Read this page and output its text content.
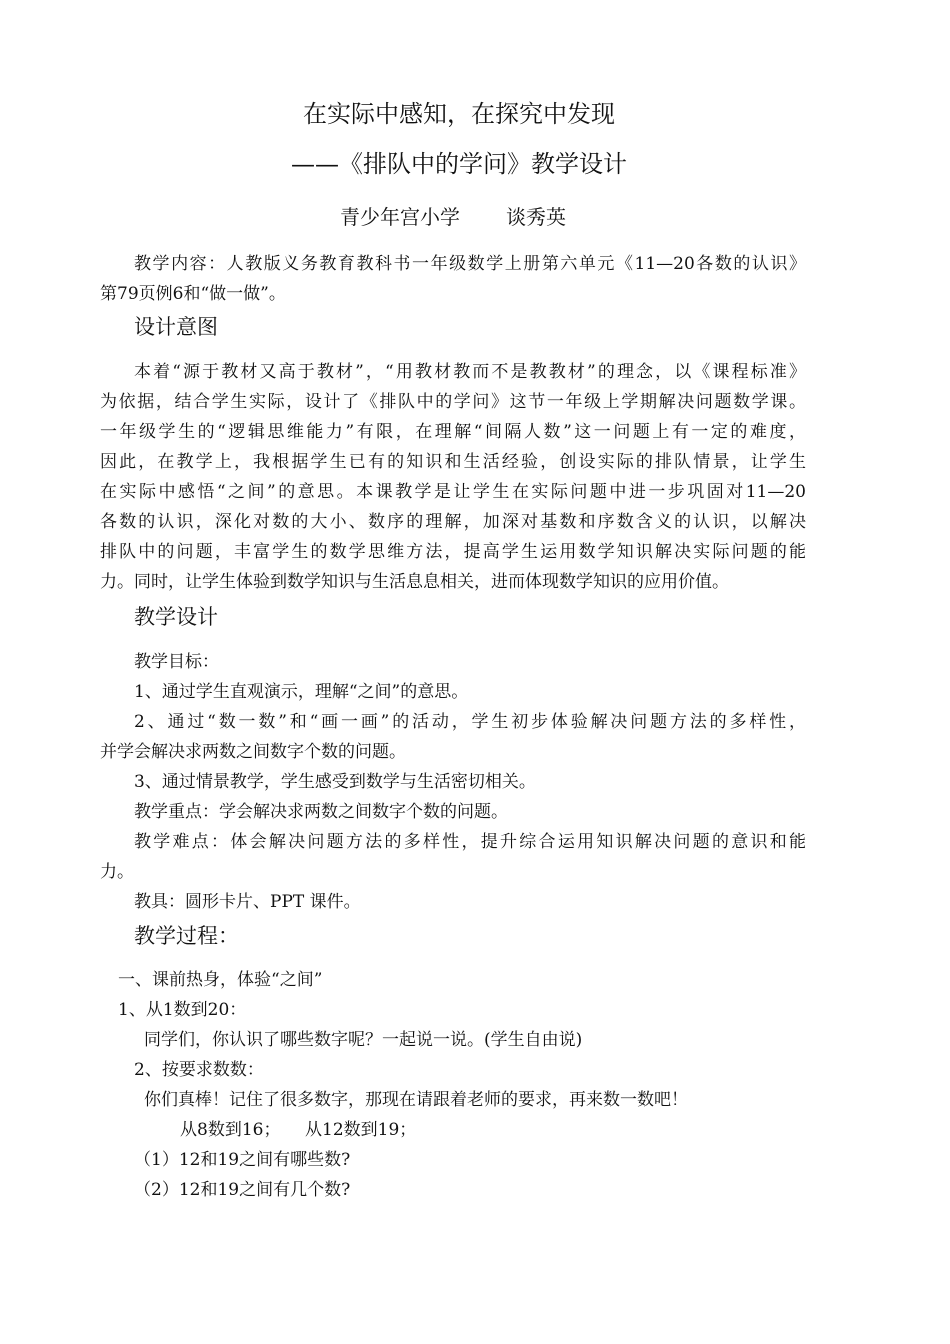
在实际中感知，在探究中发现
——《排队中的学问》教学设计
青少年宫小学 谈秀英
教学内容：人教版义务教育教科书一年级数学上册第六单元《11—20各数的认识》
第79页例6和“做一做”。
设计意图
本着“源于教材又高于教材”，“用教材教而不是教教材”的理念，以《课程标准》
为依据，结合学生实际，设计了《排队中的学问》这节一年级上学期解决问题数学课。
一年级学生的“逻辑思维能力”有限，在理解“间隔人数”这一问题上有一定的难度，
因此，在教学上，我根据学生已有的知识和生活经验，创设实际的排队情景，让学生
在实际中感悟“之间”的意思。本课教学是让学生在实际问题中进一步巩固对11—20
各数的认识，深化对数的大小、数序的理解，加深对基数和序数含义的认识，以解决
排队中的问题，丰富学生的数学思维方法，提高学生运用数学知识解决实际问题的能
力。同时，让学生体验到数学知识与生活息息相关，进而体现数学知识的应用价值。
教学设计
教学目标：
1、通过学生直观演示，理解“之间”的意思。
2、通过“数一数”和“画一画”的活动，学生初步体验解决问题方法的多样性，
并学会解决求两数之间数字个数的问题。
3、通过情景教学，学生感受到数学与生活密切相关。
教学重点：学会解决求两数之间数字个数的问题。
教学难点：体会解决问题方法的多样性，提升综合运用知识解决问题的意识和能
力。
教具：圆形卡片、PPT 课件。
教学过程：
一、课前热身，体验“之间”
1、从1数到20：
同学们，你认识了哪些数字呢？一起说一说。(学生自由说)
2、按要求数数：
你们真棒！记住了很多数字，那现在请跟着老师的要求，再来数一数吧！
从8数到16； 从12数到19；
（1）12和19之间有哪些数?
（2）12和19之间有几个数?
